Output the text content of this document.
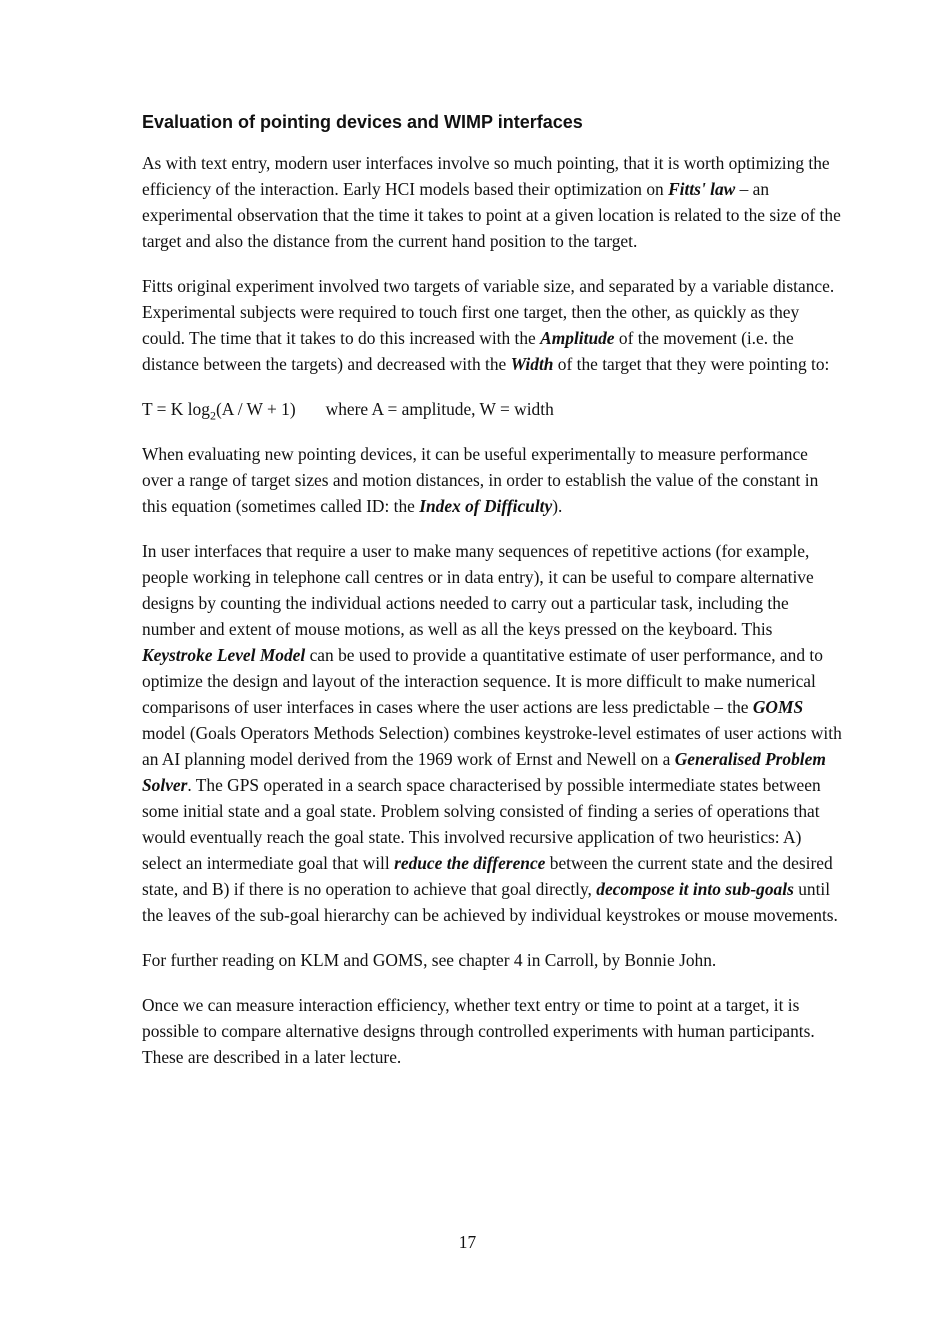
Evaluation of pointing devices and WIMP interfaces

As with text entry, modern user interfaces involve so much pointing, that it is worth optimizing the efficiency of the interaction. Early HCI models based their optimization on Fitts' law – an experimental observation that the time it takes to point at a given location is related to the size of the target and also the distance from the current hand position to the target.

Fitts original experiment involved two targets of variable size, and separated by a variable distance. Experimental subjects were required to touch first one target, then the other, as quickly as they could. The time that it takes to do this increased with the Amplitude of the movement (i.e. the distance between the targets) and decreased with the Width of the target that they were pointing to:

T = K $\log_2(A / W + 1)$ where A = amplitude, W = width

When evaluating new pointing devices, it can be useful experimentally to measure performance over a range of target sizes and motion distances, in order to establish the value of the constant in this equation (sometimes called ID: the Index of Difficulty).

In user interfaces that require a user to make many sequences of repetitive actions (for example, people working in telephone call centres or in data entry), it can be useful to compare alternative designs by counting the individual actions needed to carry out a particular task, including the number and extent of mouse motions, as well as all the keys pressed on the keyboard. This Keystroke Level Model can be used to provide a quantitative estimate of user performance, and to optimize the design and layout of the interaction sequence. It is more difficult to make numerical comparisons of user interfaces in cases where the user actions are less predictable – the GOMS model (Goals Operators Methods Selection) combines keystroke-level estimates of user actions with an AI planning model derived from the 1969 work of Ernst and Newell on a Generalised Problem Solver. The GPS operated in a search space characterised by possible intermediate states between some initial state and a goal state. Problem solving consisted of finding a series of operations that would eventually reach the goal state. This involved recursive application of two heuristics: A) select an intermediate goal that will reduce the difference between the current state and the desired state, and B) if there is no operation to achieve that goal directly, decompose it into sub-goals until the leaves of the sub-goal hierarchy can be achieved by individual keystrokes or mouse movements.

For further reading on KLM and GOMS, see chapter 4 in Carroll, by Bonnie John.

Once we can measure interaction efficiency, whether text entry or time to point at a target, it is possible to compare alternative designs through controlled experiments with human participants. These are described in a later lecture.

17
